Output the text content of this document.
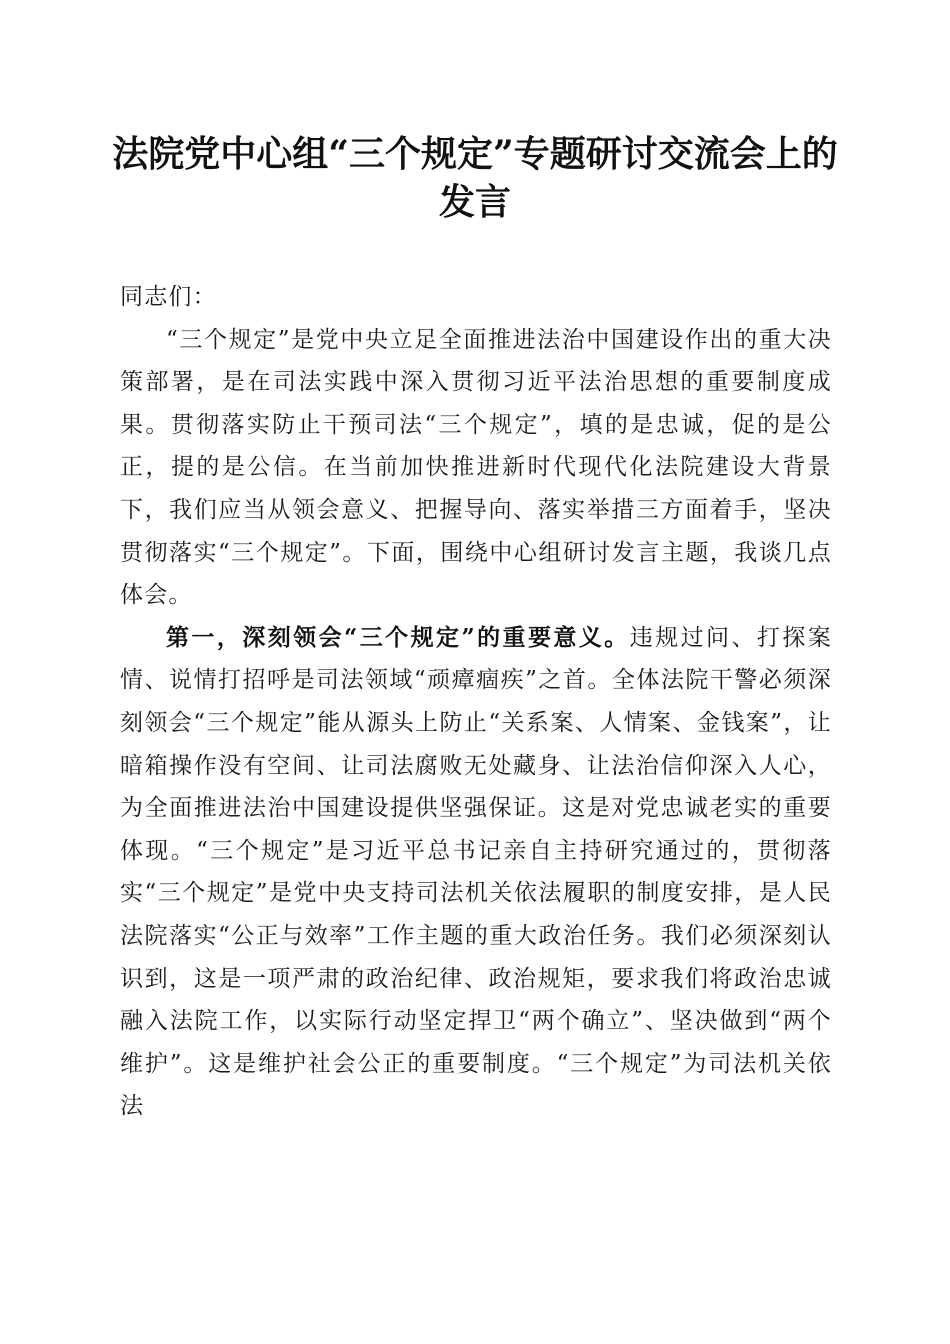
法院党中心组“三个规定”专题研讨交流会上的发言

同志们：

“三个规定”是党中央立足全面推进法治中国建设作出的重大决策部署，是在司法实践中深入贯彻习近平法治思想的重要制度成果。贯彻落实防止干预司法“三个规定”，填的是忠诚，促的是公正，提的是公信。在当前加快推进新时代现代化法院建设大背景下，我们应当从领会意义、把握导向、落实举措三方面着手，坚决贯彻落实“三个规定”。下面，围绕中心组研讨发言主题，我谈几点体会。

第一，深刻领会“三个规定”的重要意义。违规过问、打探案情、说情打招呼是司法领域“顽瘴痼疾”之首。全体法院干警必须深刻领会“三个规定”能从源头上防止“关系案、人情案、金钱案”，让暗箱操作没有空间、让司法腐败无处藏身、让法治信仰深入人心，为全面推进法治中国建设提供坚强保证。这是对党忠诚老实的重要体现。“三个规定”是习近平总书记亲自主持研究通过的，贯彻落实“三个规定”是党中央支持司法机关依法履职的制度安排，是人民法院落实“公正与效率”工作主题的重大政治任务。我们必须深刻认识到，这是一项严肃的政治纪律、政治规矩，要求我们将政治忠诚融入法院工作，以实际行动坚定捍卫“两个确立”、坚决做到“两个维护”。这是维护社会公正的重要制度。“三个规定”为司法机关依法
